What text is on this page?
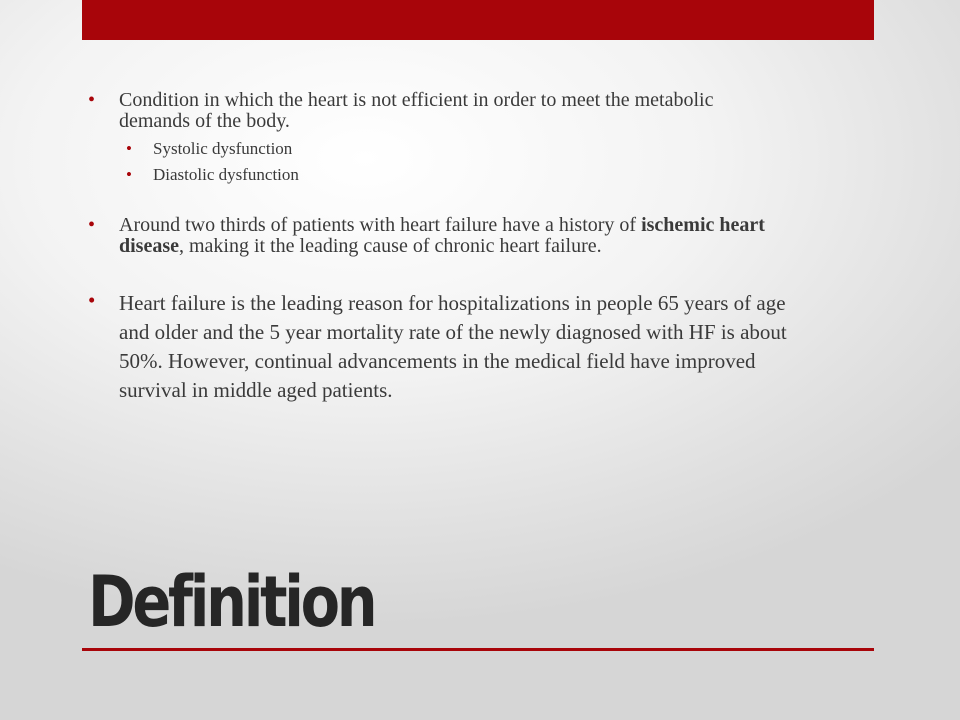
• Condition in which the heart is not efficient in order to meet the metabolic demands of the body.
• Systolic dysfunction
• Diastolic dysfunction
• Around two thirds of patients with heart failure have a history of ischemic heart disease, making it the leading cause of chronic heart failure.
• Heart failure is the leading reason for hospitalizations in people 65 years of age and older and the 5 year mortality rate of the newly diagnosed with HF is about 50%. However, continual advancements in the medical field have improved survival in middle aged patients.
Definition
